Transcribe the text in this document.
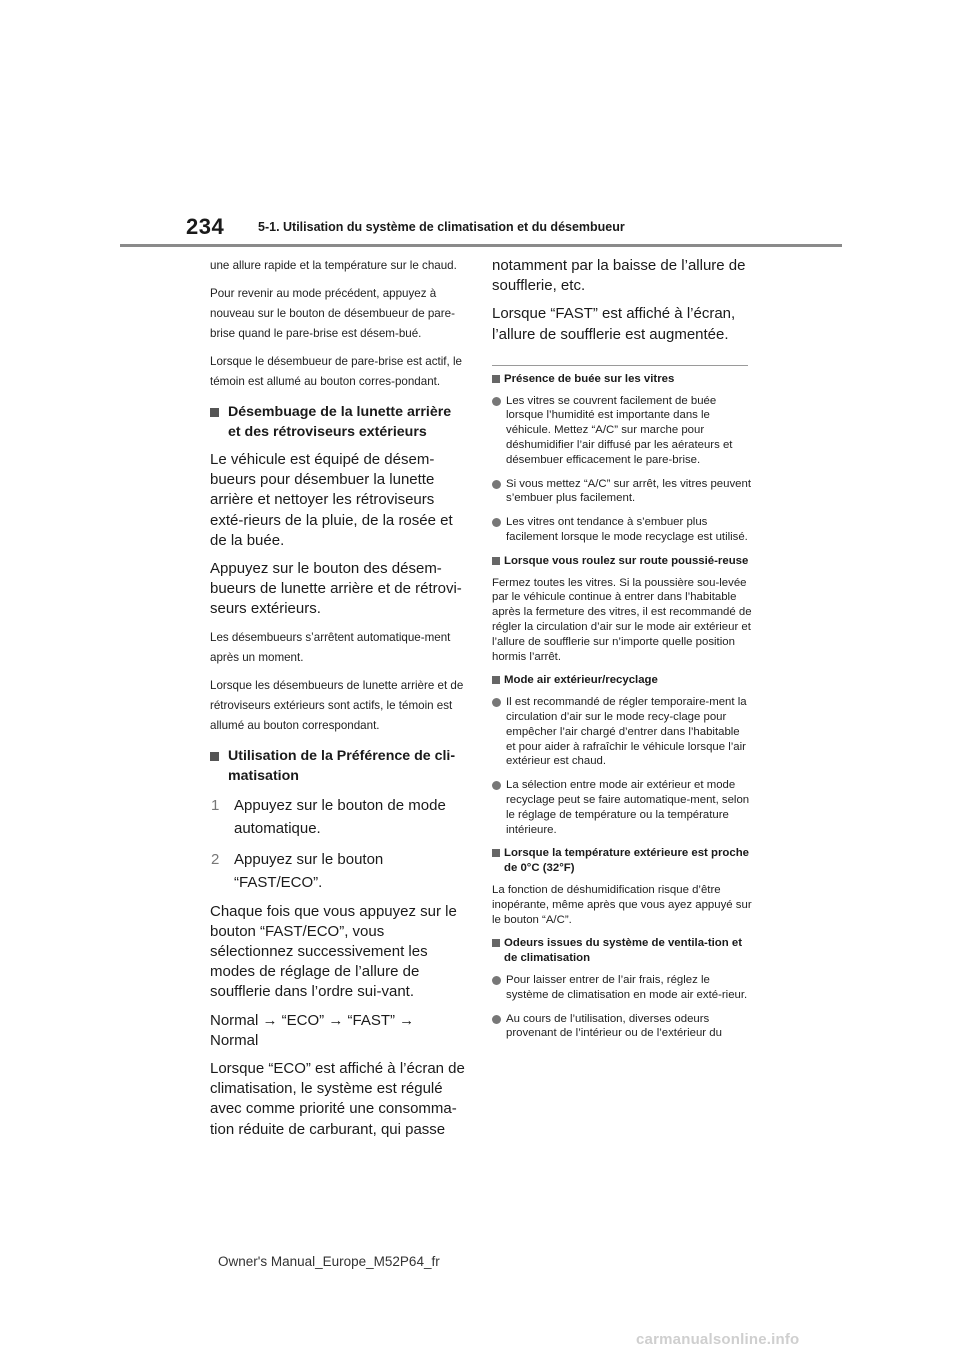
234	5-1. Utilisation du système de climatisation et du désembueur

une allure rapide et la température sur le chaud.

Pour revenir au mode précédent, appuyez à nouveau sur le bouton de désembueur de pare-brise quand le pare-brise est désem-bué.

Lorsque le désembueur de pare-brise est actif, le témoin est allumé au bouton corres-pondant.

Désembuage de la lunette arrière et des rétroviseurs extérieurs

Le véhicule est équipé de désem-bueurs pour désembuer la lunette arrière et nettoyer les rétroviseurs exté-rieurs de la pluie, de la rosée et de la buée.

Appuyez sur le bouton des désem-bueurs de lunette arrière et de rétrovi-seurs extérieurs.

Les désembueurs s’arrêtent automatique-ment après un moment.

Lorsque les désembueurs de lunette arrière et de rétroviseurs extérieurs sont actifs, le témoin est allumé au bouton correspondant.

Utilisation de la Préférence de cli-matisation
1 Appuyez sur le bouton de mode automatique.
2 Appuyez sur le bouton “FAST/ECO”.

Chaque fois que vous appuyez sur le bouton “FAST/ECO”, vous sélectionnez successivement les modes de réglage de l’allure de soufflerie dans l’ordre sui-vant.

Normal → “ECO” → “FAST” → Normal

Lorsque “ECO” est affiché à l’écran de climatisation, le système est régulé avec comme priorité une consomma-tion réduite de carburant, qui passe

notamment par la baisse de l’allure de soufflerie, etc.

Lorsque “FAST” est affiché à l’écran, l’allure de soufflerie est augmentée.

Présence de buée sur les vitres
Les vitres se couvrent facilement de buée lorsque l’humidité est importante dans le véhicule. Mettez “A/C” sur marche pour déshumidifier l’air diffusé par les aérateurs et désembuer efficacement le pare-brise.
Si vous mettez “A/C” sur arrêt, les vitres peuvent s’embuer plus facilement.
Les vitres ont tendance à s’embuer plus facilement lorsque le mode recyclage est utilisé.
Lorsque vous roulez sur route poussié-reuse

Fermez toutes les vitres. Si la poussière sou-levée par le véhicule continue à entrer dans l’habitable après la fermeture des vitres, il est recommandé de régler la circulation d’air sur le mode air extérieur et l’allure de soufflerie sur n’importe quelle position hormis l’arrêt.

Mode air extérieur/recyclage
Il est recommandé de régler temporaire-ment la circulation d’air sur le mode recy-clage pour empêcher l’air chargé d’entrer dans l’habitable et pour aider à rafraîchir le véhicule lorsque l’air extérieur est chaud.
La sélection entre mode air extérieur et mode recyclage peut se faire automatique-ment, selon le réglage de température ou la température intérieure.
Lorsque la température extérieure est proche de 0°C (32°F)

La fonction de déshumidification risque d’être inopérante, même après que vous ayez appuyé sur le bouton “A/C”.

Odeurs issues du système de ventila-tion et de climatisation
Pour laisser entrer de l’air frais, réglez le système de climatisation en mode air exté-rieur.
Au cours de l’utilisation, diverses odeurs provenant de l’intérieur ou de l’extérieur du
Owner's Manual_Europe_M52P64_fr
carmanualsonline.info
